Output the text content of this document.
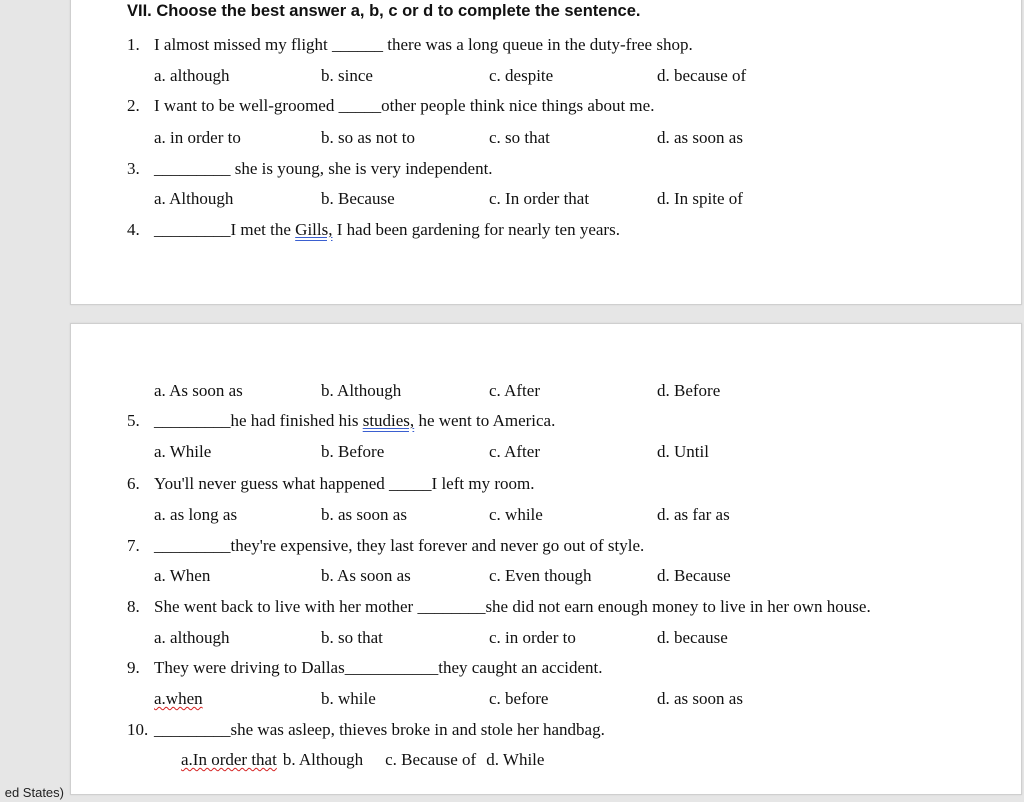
VII. Choose the best answer a, b, c or d to complete the sentence.
1. I almost missed my flight ______ there was a long queue in the duty-free shop.
a. although	b. since	c. despite	d. because of
2. I want to be well-groomed _____other people think nice things about me.
a. in order to	b. so as not to	c. so that	d. as soon as
3. _________ she is young, she is very independent.
a. Although	b. Because	c. In order that	d. In spite of
4. _________I met the Gills, I had been gardening for nearly ten years.
a. As soon as	b. Although	c. After	d. Before
5. _________he had finished his studies, he went to America.
a. While	b. Before	c. After	d. Until
6. You'll never guess what happened _____I left my room.
a. as long as	b. as soon as	c. while	d. as far as
7. _________they're expensive, they last forever and never go out of style.
a. When	b. As soon as	c. Even though	d. Because
8. She went back to live with her mother ________she did not earn enough money to live in her own house.
a. although	b. so that	c. in order to	d. because
9. They were driving to Dallas___________they caught an accident.
a.when	b. while	c. before	d. as soon as
10. _________she was asleep, thieves broke in and stole her handbag.
a.In order that b. Although c. Because of d. While
ed States)
